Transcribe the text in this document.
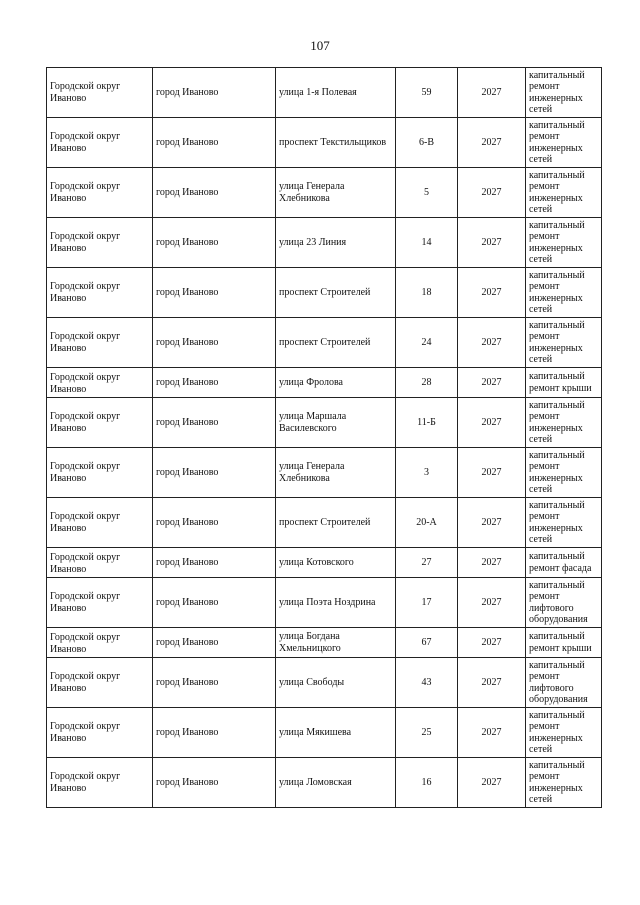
107
Городской округ Иваново	город Иваново	улица 1-я Полевая	59	2027	капитальный ремонт инженерных сетей
Городской округ Иваново	город Иваново	проспект Текстильщиков	6-В	2027	капитальный ремонт инженерных сетей
Городской округ Иваново	город Иваново	улица Генерала Хлебникова	5	2027	капитальный ремонт инженерных сетей
Городской округ Иваново	город Иваново	улица 23 Линия	14	2027	капитальный ремонт инженерных сетей
Городской округ Иваново	город Иваново	проспект Строителей	18	2027	капитальный ремонт инженерных сетей
Городской округ Иваново	город Иваново	проспект Строителей	24	2027	капитальный ремонт инженерных сетей
Городской округ Иваново	город Иваново	улица Фролова	28	2027	капитальный ремонт крыши
Городской округ Иваново	город Иваново	улица Маршала Василевского	11-Б	2027	капитальный ремонт инженерных сетей
Городской округ Иваново	город Иваново	улица Генерала Хлебникова	3	2027	капитальный ремонт инженерных сетей
Городской округ Иваново	город Иваново	проспект Строителей	20-А	2027	капитальный ремонт инженерных сетей
Городской округ Иваново	город Иваново	улица Котовского	27	2027	капитальный ремонт фасада
Городской округ Иваново	город Иваново	улица Поэта Ноздрина	17	2027	капитальный ремонт лифтового оборудования
Городской округ Иваново	город Иваново	улица Богдана Хмельницкого	67	2027	капитальный ремонт крыши
Городской округ Иваново	город Иваново	улица Свободы	43	2027	капитальный ремонт лифтового оборудования
Городской округ Иваново	город Иваново	улица Мякишева	25	2027	капитальный ремонт инженерных сетей
Городской округ Иваново	город Иваново	улица Ломовская	16	2027	капитальный ремонт инженерных сетей
